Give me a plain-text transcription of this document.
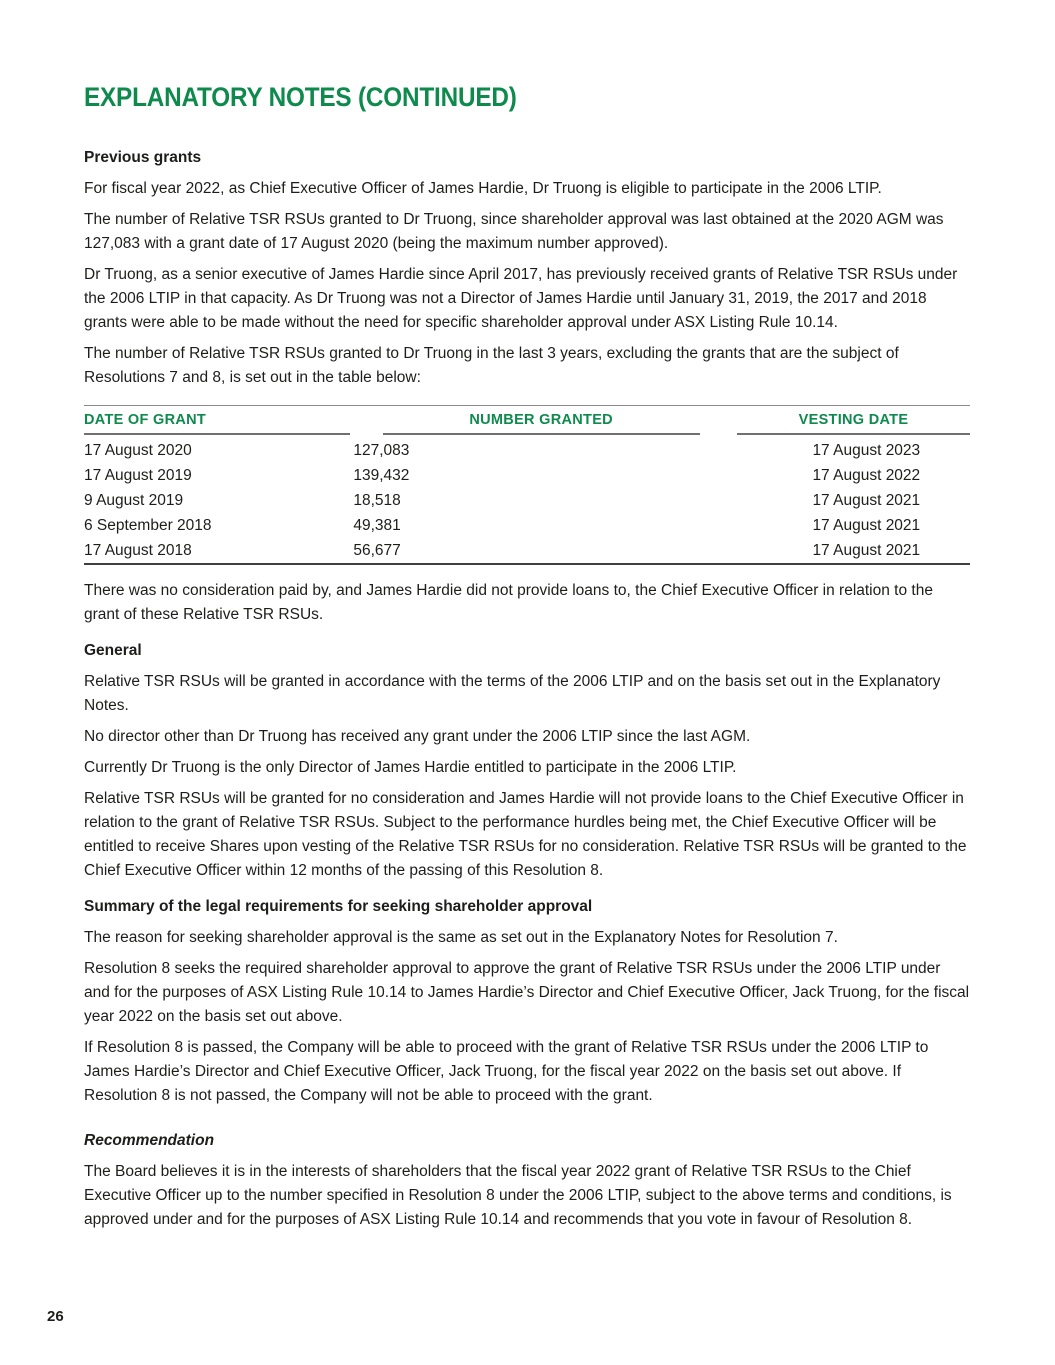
EXPLANATORY NOTES (CONTINUED)
Previous grants

For fiscal year 2022, as Chief Executive Officer of James Hardie, Dr Truong is eligible to participate in the 2006 LTIP.

The number of Relative TSR RSUs granted to Dr Truong, since shareholder approval was last obtained at the 2020 AGM was 127,083 with a grant date of 17 August 2020 (being the maximum number approved).

Dr Truong, as a senior executive of James Hardie since April 2017, has previously received grants of Relative TSR RSUs under the 2006 LTIP in that capacity. As Dr Truong was not a Director of James Hardie until January 31, 2019, the 2017 and 2018 grants were able to be made without the need for specific shareholder approval under ASX Listing Rule 10.14.

The number of Relative TSR RSUs granted to Dr Truong in the last 3 years, excluding the grants that are the subject of Resolutions 7 and 8, is set out in the table below:

DATE OF GRANT	NUMBER GRANTED	VESTING DATE
17 August 2020	127,083	17 August 2023
17 August 2019	139,432	17 August 2022
9 August 2019	18,518	17 August 2021
6 September 2018	49,381	17 August 2021
17 August 2018	56,677	17 August 2021

There was no consideration paid by, and James Hardie did not provide loans to, the Chief Executive Officer in relation to the grant of these Relative TSR RSUs.

General

Relative TSR RSUs will be granted in accordance with the terms of the 2006 LTIP and on the basis set out in the Explanatory Notes.

No director other than Dr Truong has received any grant under the 2006 LTIP since the last AGM.

Currently Dr Truong is the only Director of James Hardie entitled to participate in the 2006 LTIP.

Relative TSR RSUs will be granted for no consideration and James Hardie will not provide loans to the Chief Executive Officer in relation to the grant of Relative TSR RSUs. Subject to the performance hurdles being met, the Chief Executive Officer will be entitled to receive Shares upon vesting of the Relative TSR RSUs for no consideration. Relative TSR RSUs will be granted to the Chief Executive Officer within 12 months of the passing of this Resolution 8.

Summary of the legal requirements for seeking shareholder approval

The reason for seeking shareholder approval is the same as set out in the Explanatory Notes for Resolution 7.

Resolution 8 seeks the required shareholder approval to approve the grant of Relative TSR RSUs under the 2006 LTIP under and for the purposes of ASX Listing Rule 10.14 to James Hardie’s Director and Chief Executive Officer, Jack Truong, for the fiscal year 2022 on the basis set out above.

If Resolution 8 is passed, the Company will be able to proceed with the grant of Relative TSR RSUs under the 2006 LTIP to James Hardie’s Director and Chief Executive Officer, Jack Truong, for the fiscal year 2022 on the basis set out above. If Resolution 8 is not passed, the Company will not be able to proceed with the grant.

Recommendation

The Board believes it is in the interests of shareholders that the fiscal year 2022 grant of Relative TSR RSUs to the Chief Executive Officer up to the number specified in Resolution 8 under the 2006 LTIP, subject to the above terms and conditions, is approved under and for the purposes of ASX Listing Rule 10.14 and recommends that you vote in favour of Resolution 8.

26
